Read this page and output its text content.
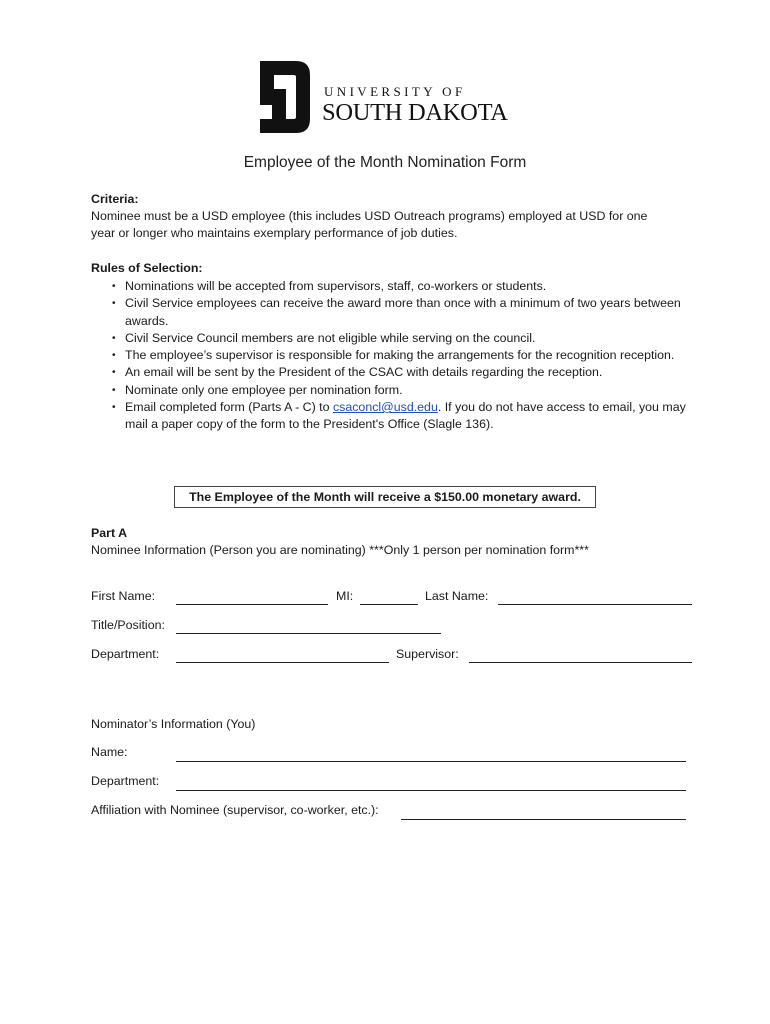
UNIVERSITY OF
SOUTH DAKOTA
Employee of the Month Nomination Form
Criteria:
Nominee must be a USD employee (this includes USD Outreach programs) employed at USD for one
year or longer who maintains exemplary performance of job duties.
Rules of Selection:
• Nominations will be accepted from supervisors, staff, co-workers or students.
• Civil Service employees can receive the award more than once with a minimum of two years between awards.
• Civil Service Council members are not eligible while serving on the council.
• The employee’s supervisor is responsible for making the arrangements for the recognition reception.
• An email will be sent by the President of the CSAC with details regarding the reception.
• Nominate only one employee per nomination form.
• Email completed form (Parts A - C) to csaconcl@usd.edu. If you do not have access to email, you may mail a paper copy of the form to the President's Office (Slagle 136).
The Employee of the Month will receive a $150.00 monetary award.
Part A
Nominee Information (Person you are nominating) ***Only 1 person per nomination form***
First Name:	MI:	Last Name:
Title/Position:
Department:	Supervisor:
Nominator’s Information (You)
Name:
Department:
Affiliation with Nominee (supervisor, co-worker, etc.):
